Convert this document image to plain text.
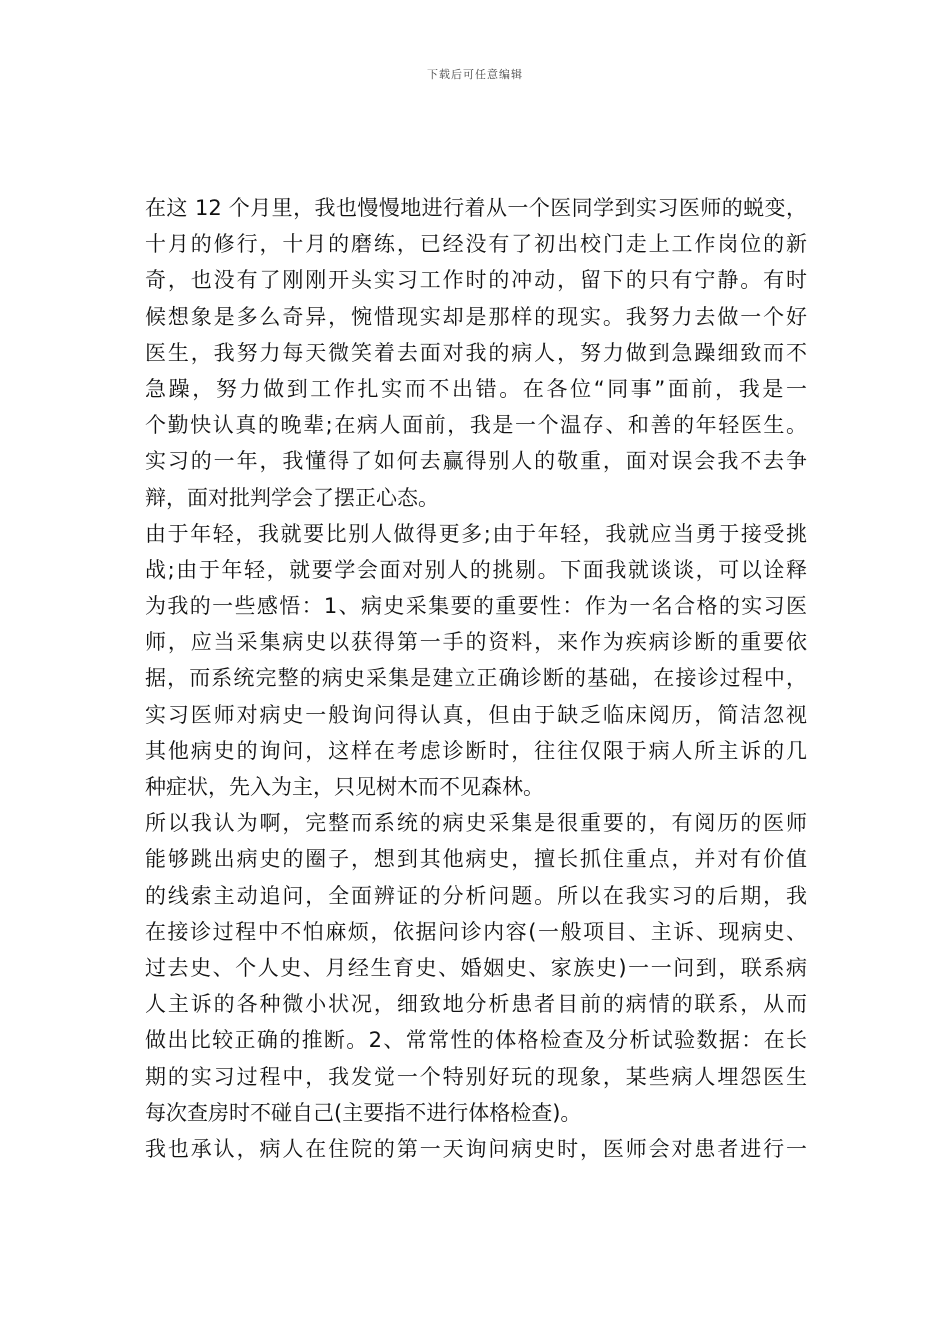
下载后可任意编辑
在这 12 个月里，我也慢慢地进行着从一个医同学到实习医师的蜕变，
十月的修行，十月的磨练，已经没有了初出校门走上工作岗位的新
奇，也没有了刚刚开头实习工作时的冲动，留下的只有宁静。有时
候想象是多么奇异，惋惜现实却是那样的现实。我努力去做一个好
医生，我努力每天微笑着去面对我的病人，努力做到急躁细致而不
急躁，努力做到工作扎实而不出错。在各位“同事”面前，我是一
个勤快认真的晚辈;在病人面前，我是一个温存、和善的年轻医生。
实习的一年，我懂得了如何去赢得别人的敬重，面对误会我不去争
辩，面对批判学会了摆正心态。
由于年轻，我就要比别人做得更多;由于年轻，我就应当勇于接受挑
战;由于年轻，就要学会面对别人的挑剔。下面我就谈谈，可以诠释
为我的一些感悟：1、病史采集要的重要性：作为一名合格的实习医
师，应当采集病史以获得第一手的资料，来作为疾病诊断的重要依
据，而系统完整的病史采集是建立正确诊断的基础，在接诊过程中，
实习医师对病史一般询问得认真，但由于缺乏临床阅历，简洁忽视
其他病史的询问，这样在考虑诊断时，往往仅限于病人所主诉的几
种症状，先入为主，只见树木而不见森林。
所以我认为啊，完整而系统的病史采集是很重要的，有阅历的医师
能够跳出病史的圈子，想到其他病史，擅长抓住重点，并对有价值
的线索主动追问，全面辨证的分析问题。所以在我实习的后期，我
在接诊过程中不怕麻烦，依据问诊内容(一般项目、主诉、现病史、
过去史、个人史、月经生育史、婚姻史、家族史)一一问到，联系病
人主诉的各种微小状况，细致地分析患者目前的病情的联系，从而
做出比较正确的推断。2、常常性的体格检查及分析试验数据：在长
期的实习过程中，我发觉一个特别好玩的现象，某些病人埋怨医生
每次查房时不碰自己(主要指不进行体格检查)。
我也承认，病人在住院的第一天询问病史时，医师会对患者进行一
